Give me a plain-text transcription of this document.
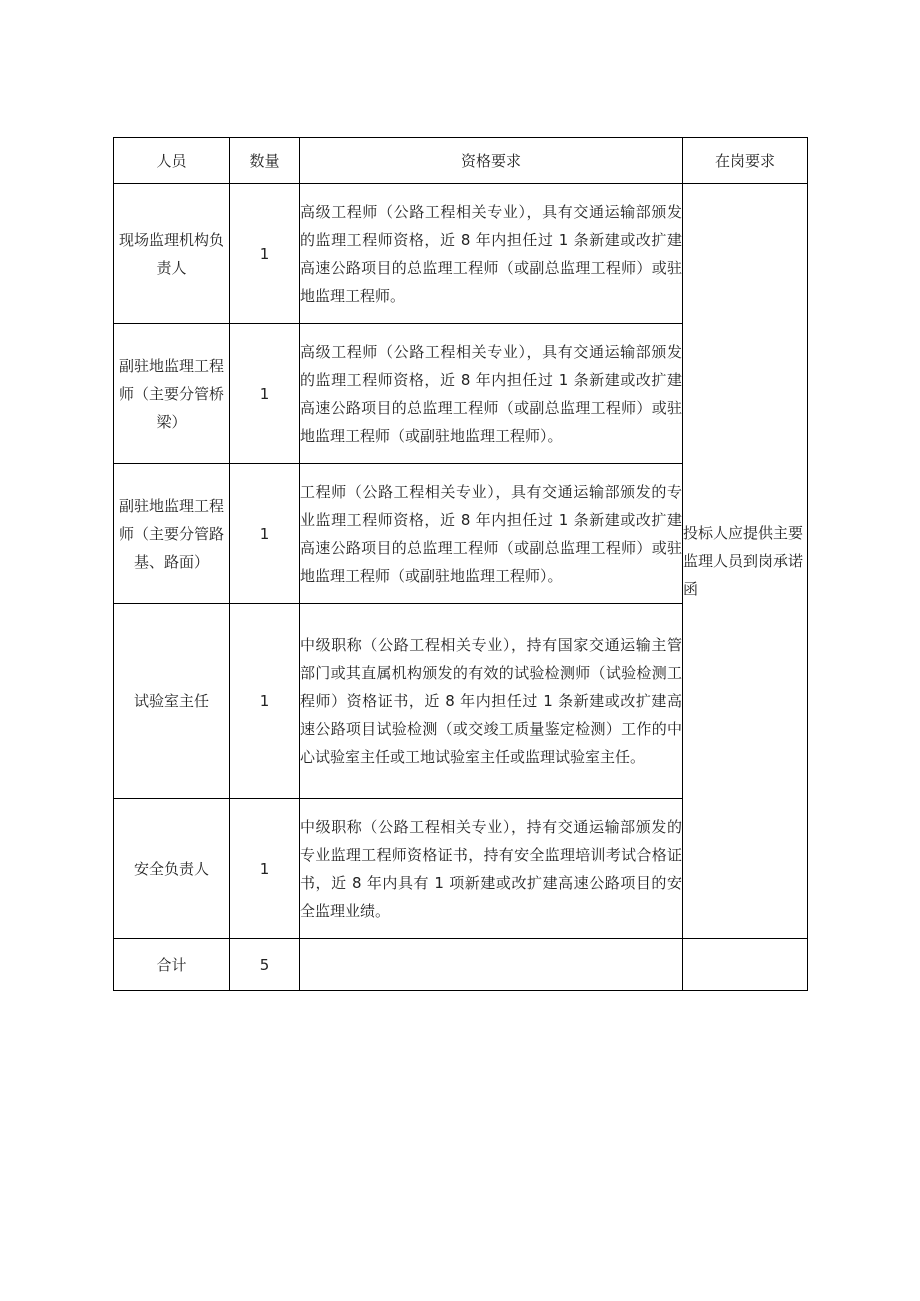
人员	数量	资格要求	在岗要求
现场监理机构负责人	1	高级工程师（公路工程相关专业），具有交通运输部颁发的监理工程师资格，近 8 年内担任过 1 条新建或改扩建高速公路项目的总监理工程师（或副总监理工程师）或驻地监理工程师。	投标人应提供主要监理人员到岗承诺函
副驻地监理工程师（主要分管桥梁）	1	高级工程师（公路工程相关专业），具有交通运输部颁发的监理工程师资格，近 8 年内担任过 1 条新建或改扩建高速公路项目的总监理工程师（或副总监理工程师）或驻地监理工程师（或副驻地监理工程师）。	
副驻地监理工程师（主要分管路基、路面）	1	工程师（公路工程相关专业），具有交通运输部颁发的专业监理工程师资格，近 8 年内担任过 1 条新建或改扩建高速公路项目的总监理工程师（或副总监理工程师）或驻地监理工程师（或副驻地监理工程师）。	
试验室主任	1	中级职称（公路工程相关专业），持有国家交通运输主管部门或其直属机构颁发的有效的试验检测师（试验检测工程师）资格证书，近 8 年内担任过 1 条新建或改扩建高速公路项目试验检测（或交竣工质量鉴定检测）工作的中心试验室主任或工地试验室主任或监理试验室主任。	
安全负责人	1	中级职称（公路工程相关专业），持有交通运输部颁发的专业监理工程师资格证书，持有安全监理培训考试合格证书，近 8 年内具有 1 项新建或改扩建高速公路项目的安全监理业绩。	
合计	5		
